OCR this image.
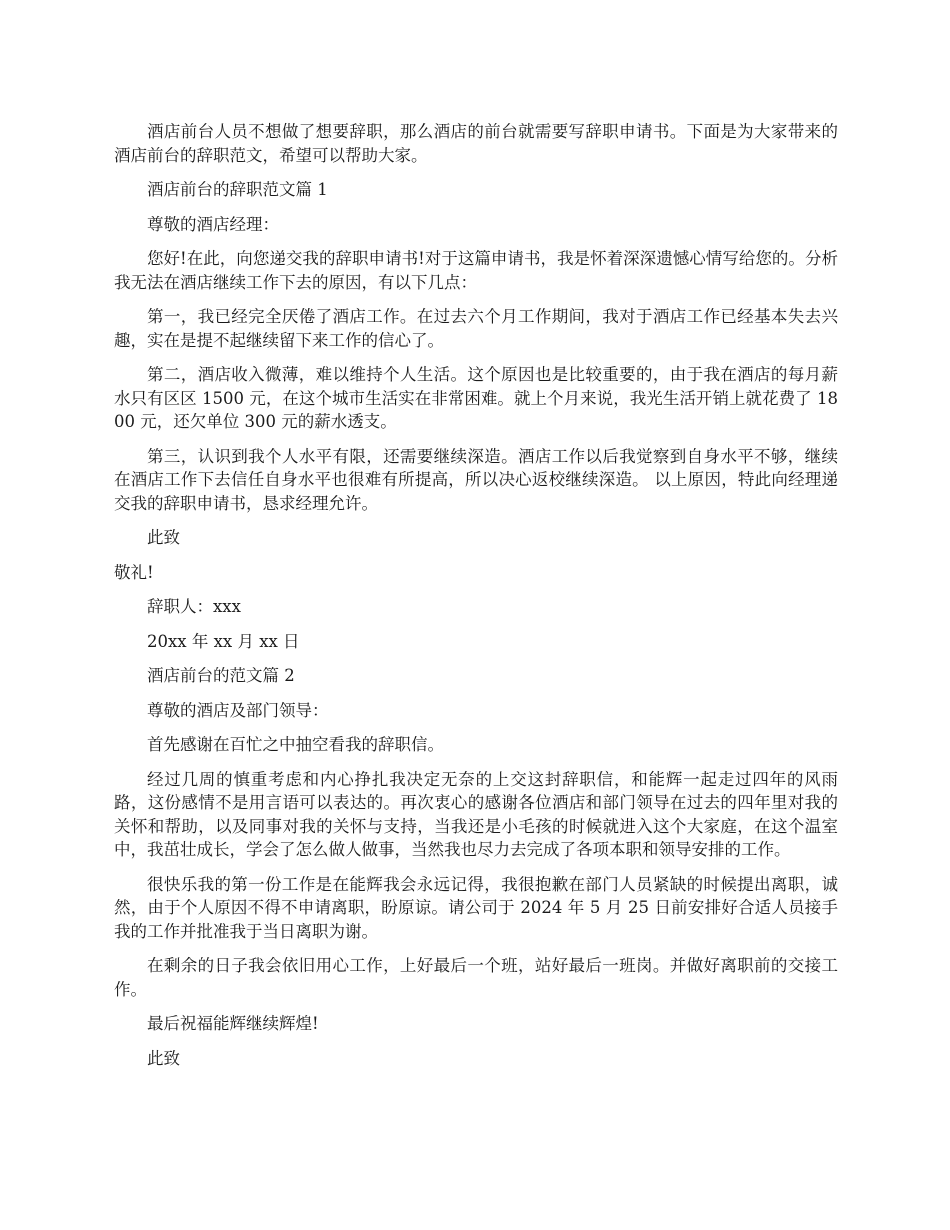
酒店前台人员不想做了想要辞职，那么酒店的前台就需要写辞职申请书。下面是为大家带来的酒店前台的辞职范文，希望可以帮助大家。

酒店前台的辞职范文篇 1

尊敬的酒店经理：

您好!在此，向您递交我的辞职申请书!对于这篇申请书，我是怀着深深遗憾心情写给您的。分析我无法在酒店继续工作下去的原因，有以下几点：

第一，我已经完全厌倦了酒店工作。在过去六个月工作期间，我对于酒店工作已经基本失去兴趣，实在是提不起继续留下来工作的信心了。

第二，酒店收入微薄，难以维持个人生活。这个原因也是比较重要的，由于我在酒店的每月薪水只有区区 1500 元，在这个城市生活实在非常困难。就上个月来说，我光生活开销上就花费了 1800 元，还欠单位 300 元的薪水透支。

第三，认识到我个人水平有限，还需要继续深造。酒店工作以后我觉察到自身水平不够，继续在酒店工作下去信任自身水平也很难有所提高，所以决心返校继续深造。 以上原因，特此向经理递交我的辞职申请书，恳求经理允许。

此致

敬礼!

辞职人：xxx

20xx 年 xx 月 xx 日

酒店前台的范文篇 2

尊敬的酒店及部门领导：

首先感谢在百忙之中抽空看我的辞职信。

经过几周的慎重考虑和内心挣扎我决定无奈的上交这封辞职信，和能辉一起走过四年的风雨路，这份感情不是用言语可以表达的。再次衷心的感谢各位酒店和部门领导在过去的四年里对我的关怀和帮助，以及同事对我的关怀与支持，当我还是小毛孩的时候就进入这个大家庭，在这个温室中，我茁壮成长，学会了怎么做人做事，当然我也尽力去完成了各项本职和领导安排的工作。

很快乐我的第一份工作是在能辉我会永远记得，我很抱歉在部门人员紧缺的时候提出离职，诚然，由于个人原因不得不申请离职，盼原谅。请公司于 2024 年 5 月 25 日前安排好合适人员接手我的工作并批准我于当日离职为谢。

在剩余的日子我会依旧用心工作，上好最后一个班，站好最后一班岗。并做好离职前的交接工作。

最后祝福能辉继续辉煌!

此致
